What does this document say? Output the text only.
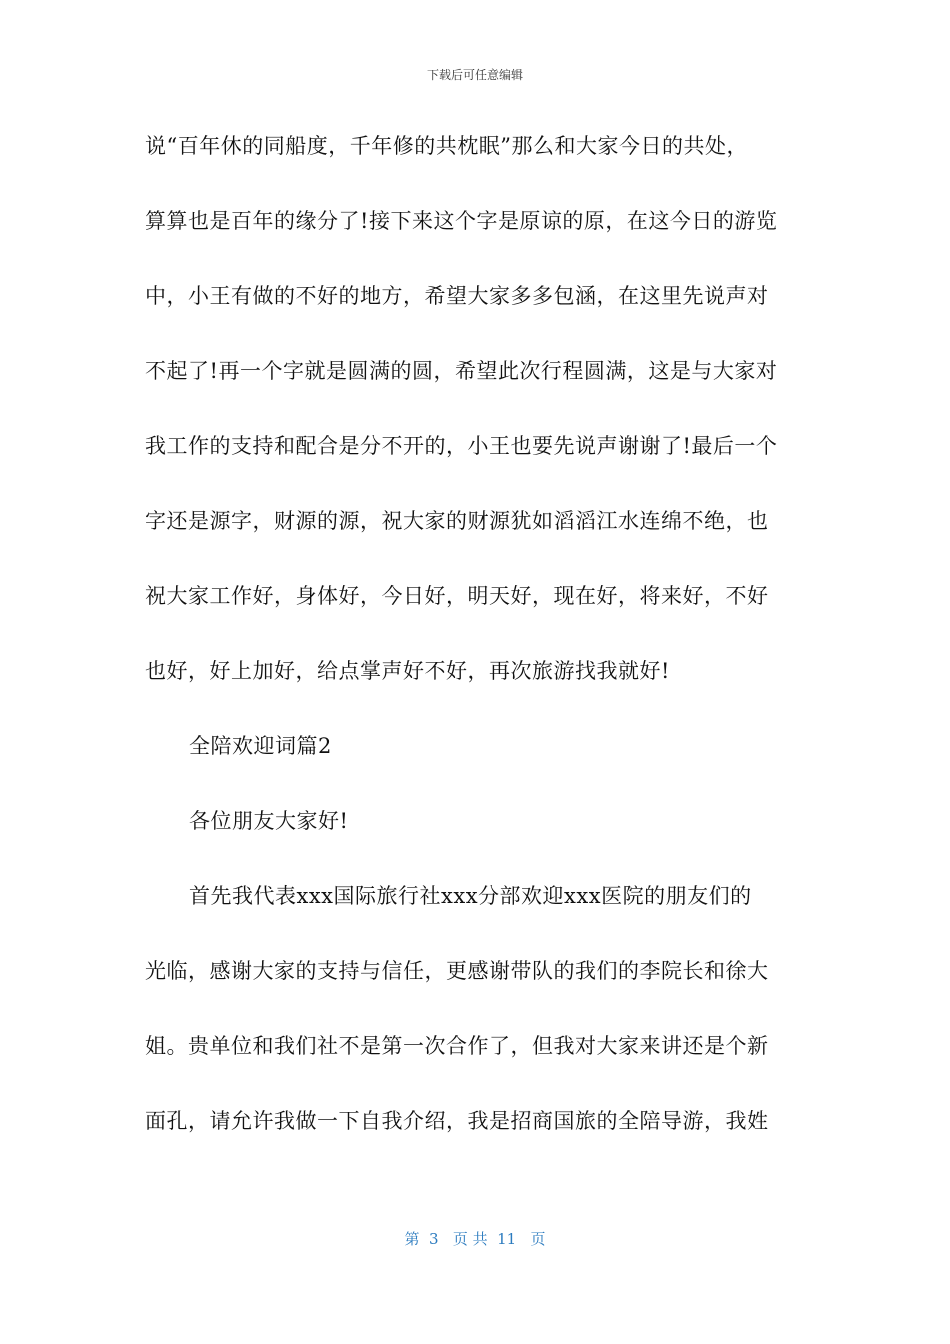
下载后可任意编辑
说“百年休的同船度，千年修的共枕眠”那么和大家今日的共处，
算算也是百年的缘分了!接下来这个字是原谅的原，在这今日的游览
中，小王有做的不好的地方，希望大家多多包涵，在这里先说声对
不起了!再一个字就是圆满的圆，希望此次行程圆满，这是与大家对
我工作的支持和配合是分不开的，小王也要先说声谢谢了!最后一个
字还是源字，财源的源，祝大家的财源犹如滔滔江水连绵不绝，也
祝大家工作好，身体好，今日好，明天好，现在好，将来好，不好
也好，好上加好，给点掌声好不好，再次旅游找我就好!
全陪欢迎词篇2
各位朋友大家好!
首先我代表xxx国际旅行社xxx分部欢迎xxx医院的朋友们的
光临，感谢大家的支持与信任，更感谢带队的我们的李院长和徐大
姐。贵单位和我们社不是第一次合作了，但我对大家来讲还是个新
面孔，请允许我做一下自我介绍，我是招商国旅的全陪导游，我姓
第  3   页 共  11   页
